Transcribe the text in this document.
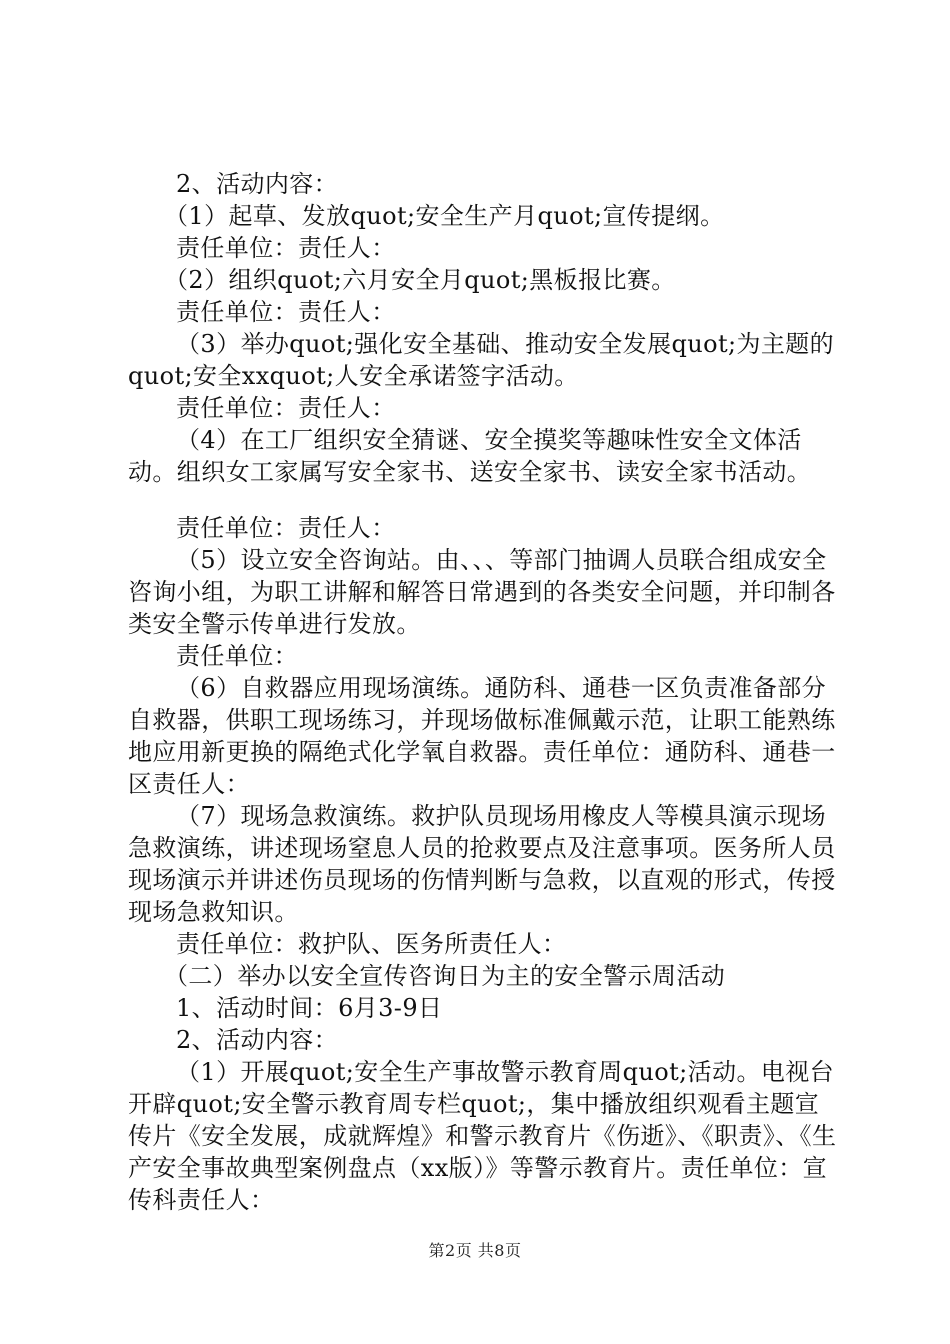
2、活动内容：

（1）起草、发放quot;安全生产月quot;宣传提纲。

责任单位：责任人：

（2）组织quot;六月安全月quot;黑板报比赛。

责任单位：责任人：

（3）举办quot;强化安全基础、推动安全发展quot;为主题的quot;安全xxquot;人安全承诺签字活动。

责任单位：责任人：

（4）在工厂组织安全猜谜、安全摸奖等趣味性安全文体活动。组织女工家属写安全家书、送安全家书、读安全家书活动。

责任单位：责任人：

（5）设立安全咨询站。由、、、等部门抽调人员联合组成安全咨询小组，为职工讲解和解答日常遇到的各类安全问题，并印制各类安全警示传单进行发放。

责任单位：

（6）自救器应用现场演练。通防科、通巷一区负责准备部分自救器，供职工现场练习，并现场做标准佩戴示范，让职工能熟练地应用新更换的隔绝式化学氧自救器。责任单位：通防科、通巷一区责任人：

（7）现场急救演练。救护队员现场用橡皮人等模具演示现场急救演练，讲述现场窒息人员的抢救要点及注意事项。医务所人员现场演示并讲述伤员现场的伤情判断与急救，以直观的形式，传授现场急救知识。

责任单位：救护队、医务所责任人：

（二）举办以安全宣传咨询日为主的安全警示周活动

1、活动时间：6月3-9日

2、活动内容：

（1）开展quot;安全生产事故警示教育周quot;活动。电视台开辟quot;安全警示教育周专栏quot;，集中播放组织观看主题宣传片《安全发展，成就辉煌》和警示教育片《伤逝》、《职责》、《生产安全事故典型案例盘点（xx版）》等警示教育片。责任单位：宣传科责任人：

第2页 共8页
